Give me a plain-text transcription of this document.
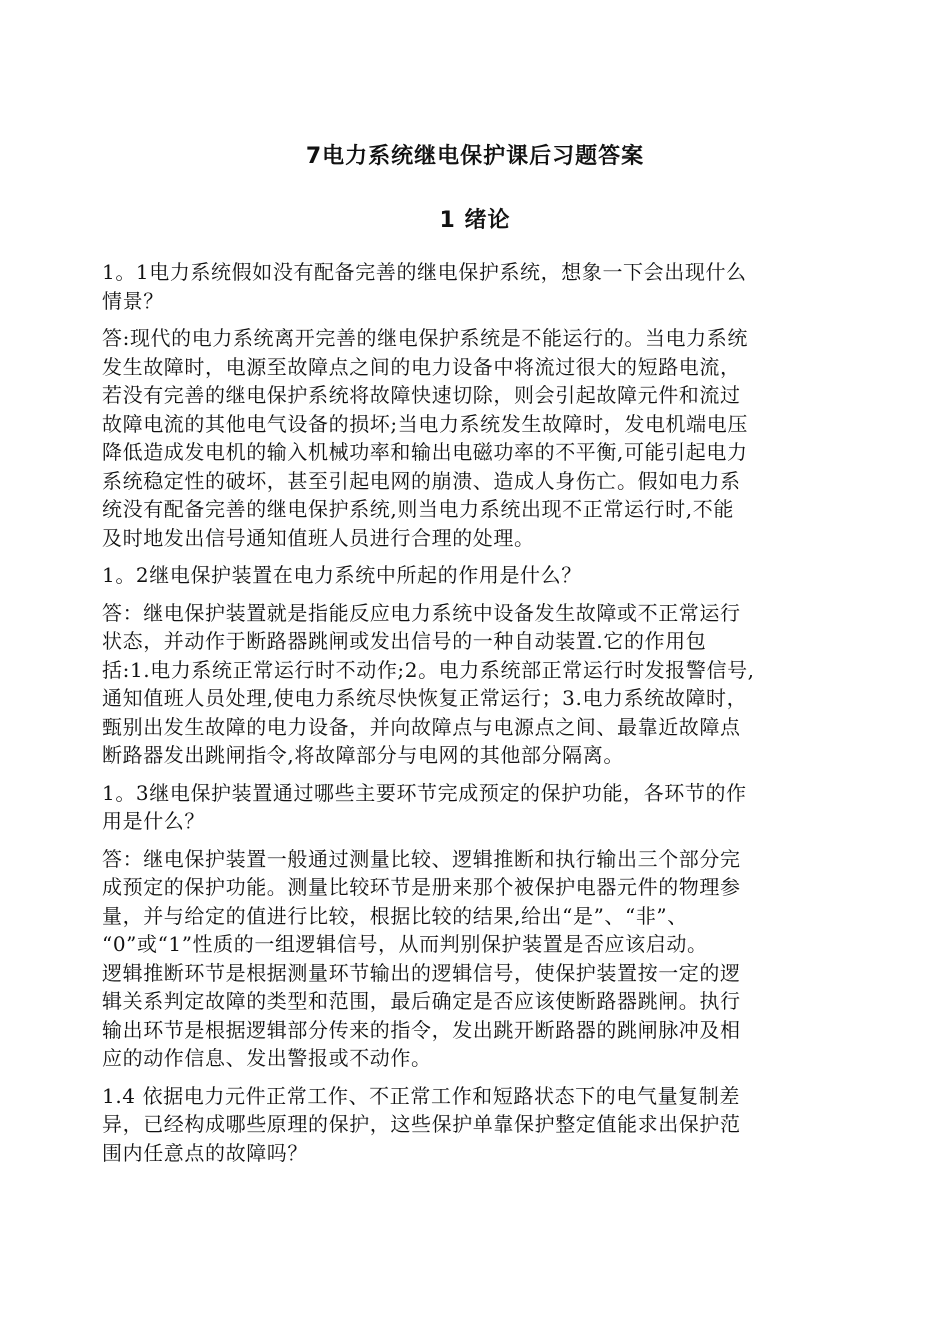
7电力系统继电保护课后习题答案
1 绪论

1。1电力系统假如没有配备完善的继电保护系统，想象一下会出现什么
情景？

答:现代的电力系统离开完善的继电保护系统是不能运行的。当电力系统
发生故障时，电源至故障点之间的电力设备中将流过很大的短路电流，
若没有完善的继电保护系统将故障快速切除，则会引起故障元件和流过
故障电流的其他电气设备的损坏;当电力系统发生故障时，发电机端电压
降低造成发电机的输入机械功率和输出电磁功率的不平衡,可能引起电力
系统稳定性的破坏，甚至引起电网的崩溃、造成人身伤亡。假如电力系
统没有配备完善的继电保护系统,则当电力系统出现不正常运行时,不能
及时地发出信号通知值班人员进行合理的处理。

1。2继电保护装置在电力系统中所起的作用是什么？

答：继电保护装置就是指能反应电力系统中设备发生故障或不正常运行
状态，并动作于断路器跳闸或发出信号的一种自动装置.它的作用包
括:1.电力系统正常运行时不动作;2。电力系统部正常运行时发报警信号,
通知值班人员处理,使电力系统尽快恢复正常运行；3.电力系统故障时，
甄别出发生故障的电力设备，并向故障点与电源点之间、最靠近故障点
断路器发出跳闸指令,将故障部分与电网的其他部分隔离。

1。3继电保护装置通过哪些主要环节完成预定的保护功能，各环节的作
用是什么？

答：继电保护装置一般通过测量比较、逻辑推断和执行输出三个部分完
成预定的保护功能。测量比较环节是册来那个被保护电器元件的物理参
量，并与给定的值进行比较，根据比较的结果,给出“是”、“非”、
“0”或“1”性质的一组逻辑信号，从而判别保护装置是否应该启动。
逻辑推断环节是根据测量环节输出的逻辑信号，使保护装置按一定的逻
辑关系判定故障的类型和范围，最后确定是否应该使断路器跳闸。执行
输出环节是根据逻辑部分传来的指令，发出跳开断路器的跳闸脉冲及相
应的动作信息、发出警报或不动作。

1.4 依据电力元件正常工作、不正常工作和短路状态下的电气量复制差
异，已经构成哪些原理的保护，这些保护单靠保护整定值能求出保护范
围内任意点的故障吗？
